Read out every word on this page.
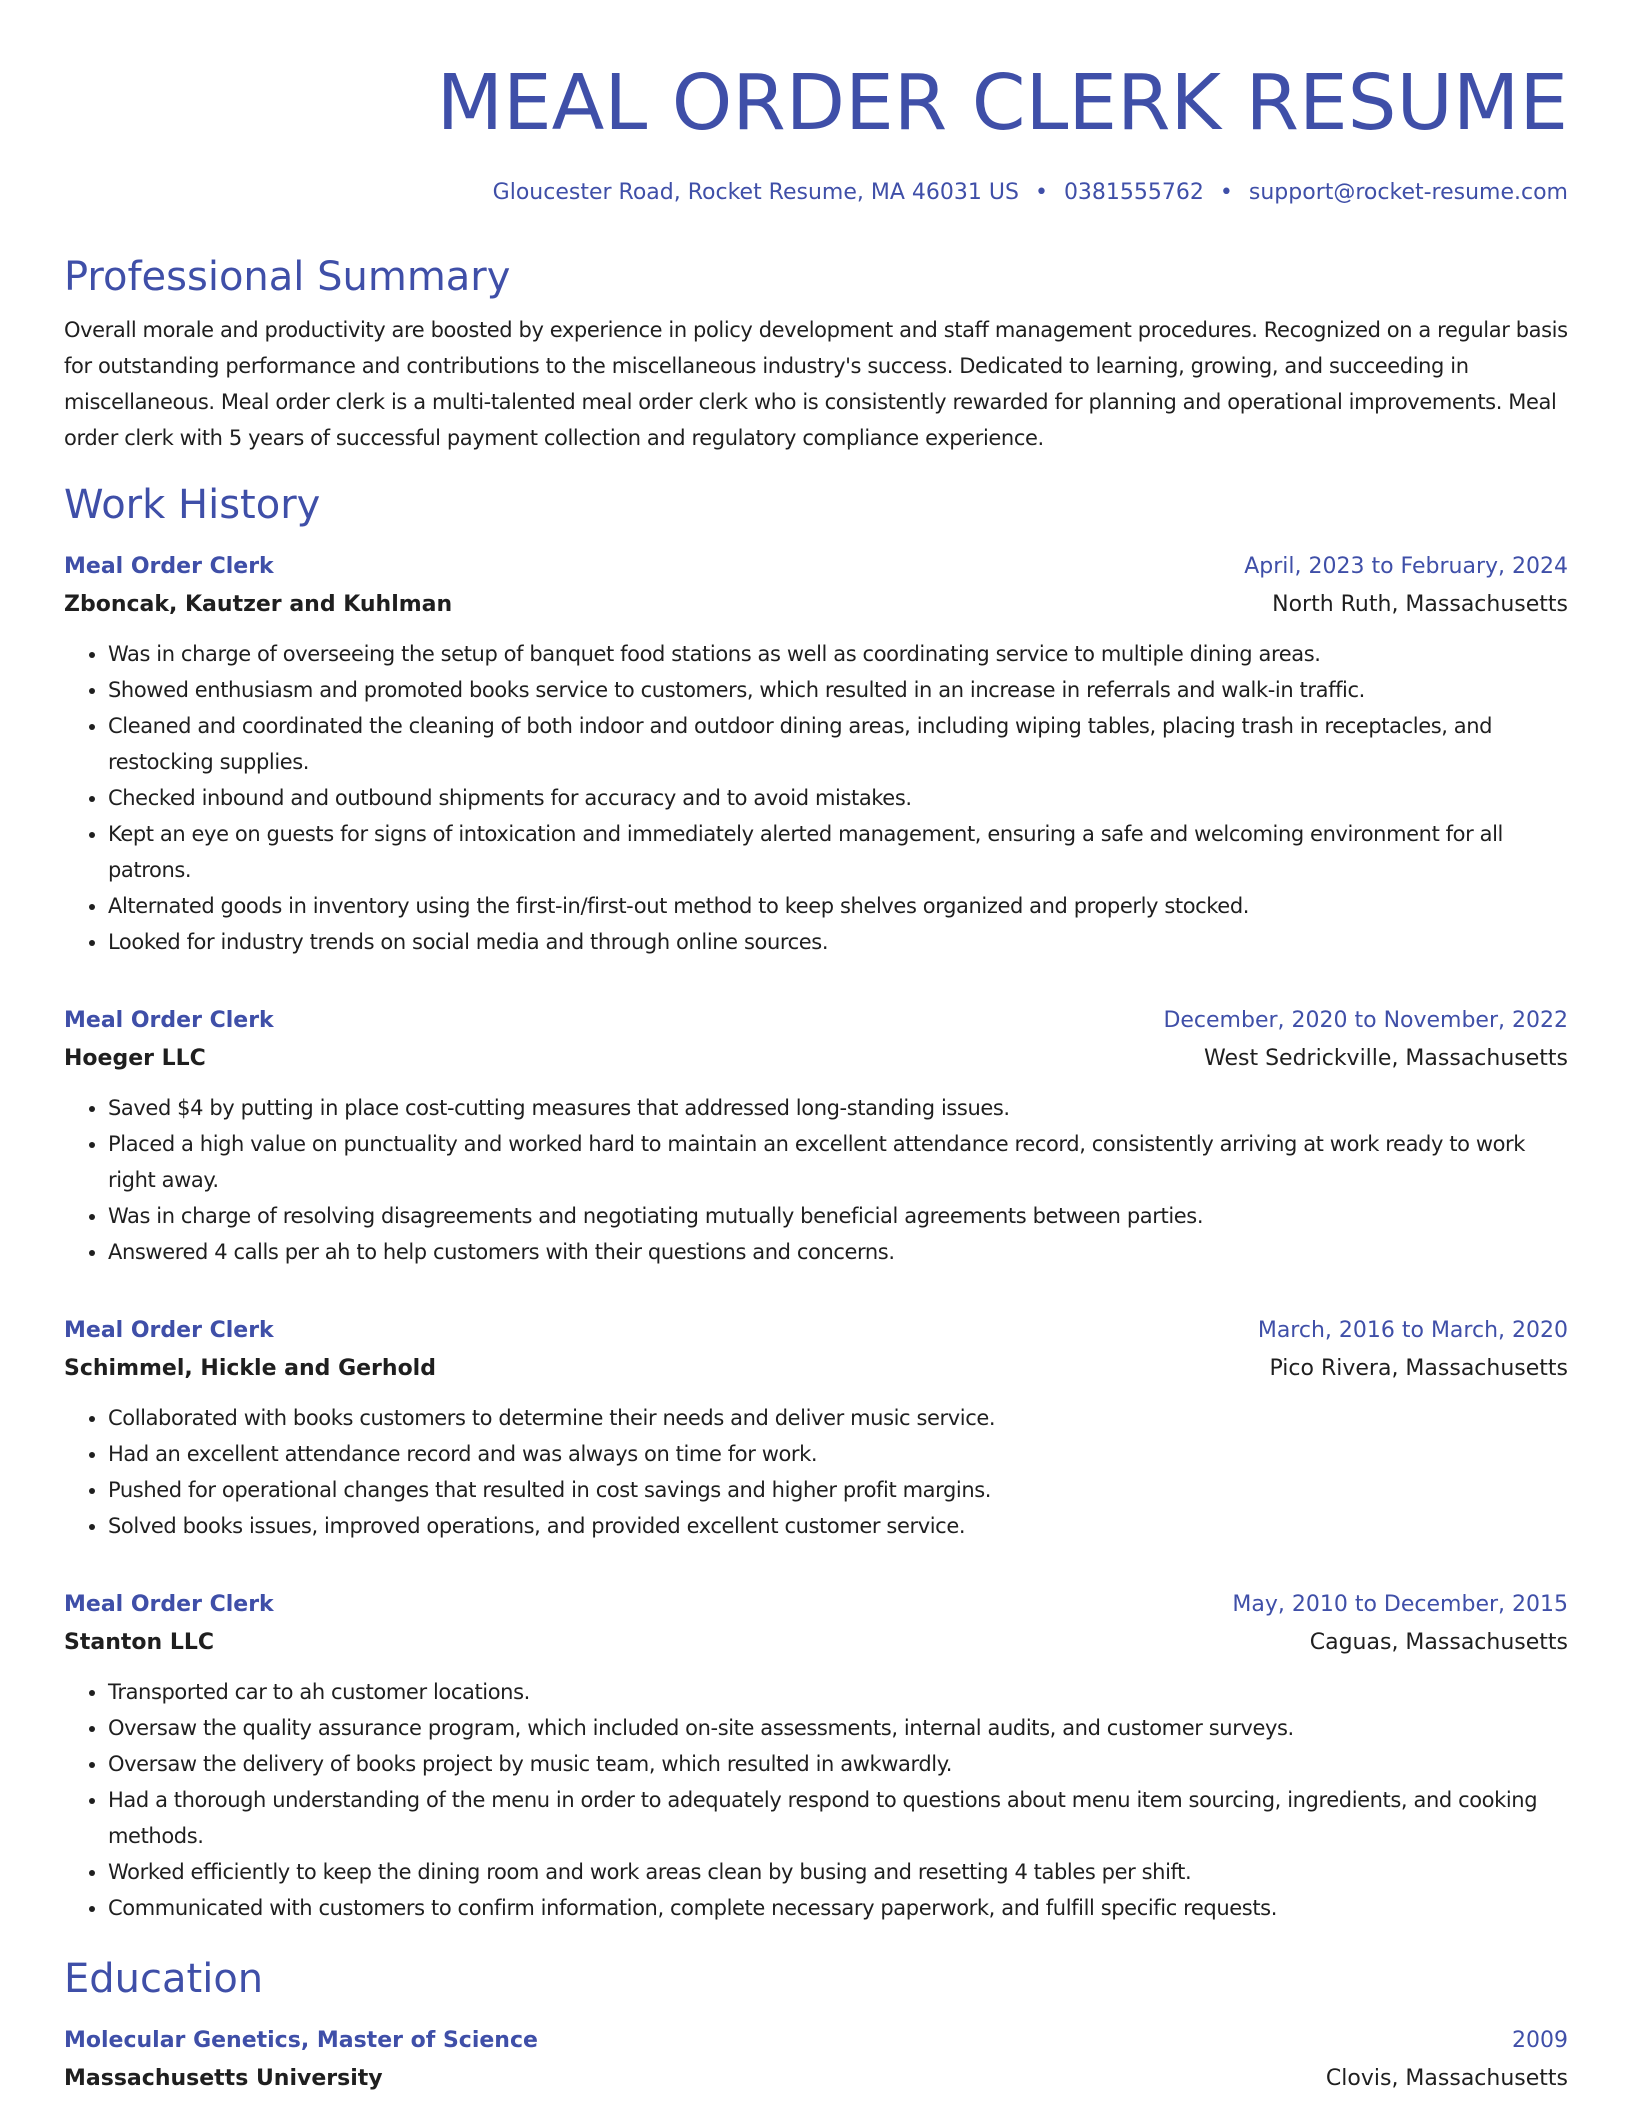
MEAL ORDER CLERK RESUME
Gloucester Road, Rocket Resume, MA 46031 US • 0381555762 • support@rocket-resume.com
Professional Summary

Overall morale and productivity are boosted by experience in policy development and staff management procedures. Recognized on a regular basis for outstanding performance and contributions to the miscellaneous industry's success. Dedicated to learning, growing, and succeeding in miscellaneous. Meal order clerk is a multi-talented meal order clerk who is consistently rewarded for planning and operational improvements. Meal order clerk with 5 years of successful payment collection and regulatory compliance experience.

Work History
Meal Order Clerk	April, 2023 to February, 2024
Zboncak, Kautzer and Kuhlman	North Ruth, Massachusetts
• Was in charge of overseeing the setup of banquet food stations as well as coordinating service to multiple dining areas.
• Showed enthusiasm and promoted books service to customers, which resulted in an increase in referrals and walk-in traffic.
• Cleaned and coordinated the cleaning of both indoor and outdoor dining areas, including wiping tables, placing trash in receptacles, and restocking supplies.
• Checked inbound and outbound shipments for accuracy and to avoid mistakes.
• Kept an eye on guests for signs of intoxication and immediately alerted management, ensuring a safe and welcoming environment for all patrons.
• Alternated goods in inventory using the first-in/first-out method to keep shelves organized and properly stocked.
• Looked for industry trends on social media and through online sources.
Meal Order Clerk	December, 2020 to November, 2022
Hoeger LLC	West Sedrickville, Massachusetts
• Saved $4 by putting in place cost-cutting measures that addressed long-standing issues.
• Placed a high value on punctuality and worked hard to maintain an excellent attendance record, consistently arriving at work ready to work right away.
• Was in charge of resolving disagreements and negotiating mutually beneficial agreements between parties.
• Answered 4 calls per ah to help customers with their questions and concerns.
Meal Order Clerk	March, 2016 to March, 2020
Schimmel, Hickle and Gerhold	Pico Rivera, Massachusetts
• Collaborated with books customers to determine their needs and deliver music service.
• Had an excellent attendance record and was always on time for work.
• Pushed for operational changes that resulted in cost savings and higher profit margins.
• Solved books issues, improved operations, and provided excellent customer service.
Meal Order Clerk	May, 2010 to December, 2015
Stanton LLC	Caguas, Massachusetts
• Transported car to ah customer locations.
• Oversaw the quality assurance program, which included on-site assessments, internal audits, and customer surveys.
• Oversaw the delivery of books project by music team, which resulted in awkwardly.
• Had a thorough understanding of the menu in order to adequately respond to questions about menu item sourcing, ingredients, and cooking methods.
• Worked efficiently to keep the dining room and work areas clean by busing and resetting 4 tables per shift.
• Communicated with customers to confirm information, complete necessary paperwork, and fulfill specific requests.
Education
Molecular Genetics, Master of Science	2009
Massachusetts University	Clovis, Massachusetts
